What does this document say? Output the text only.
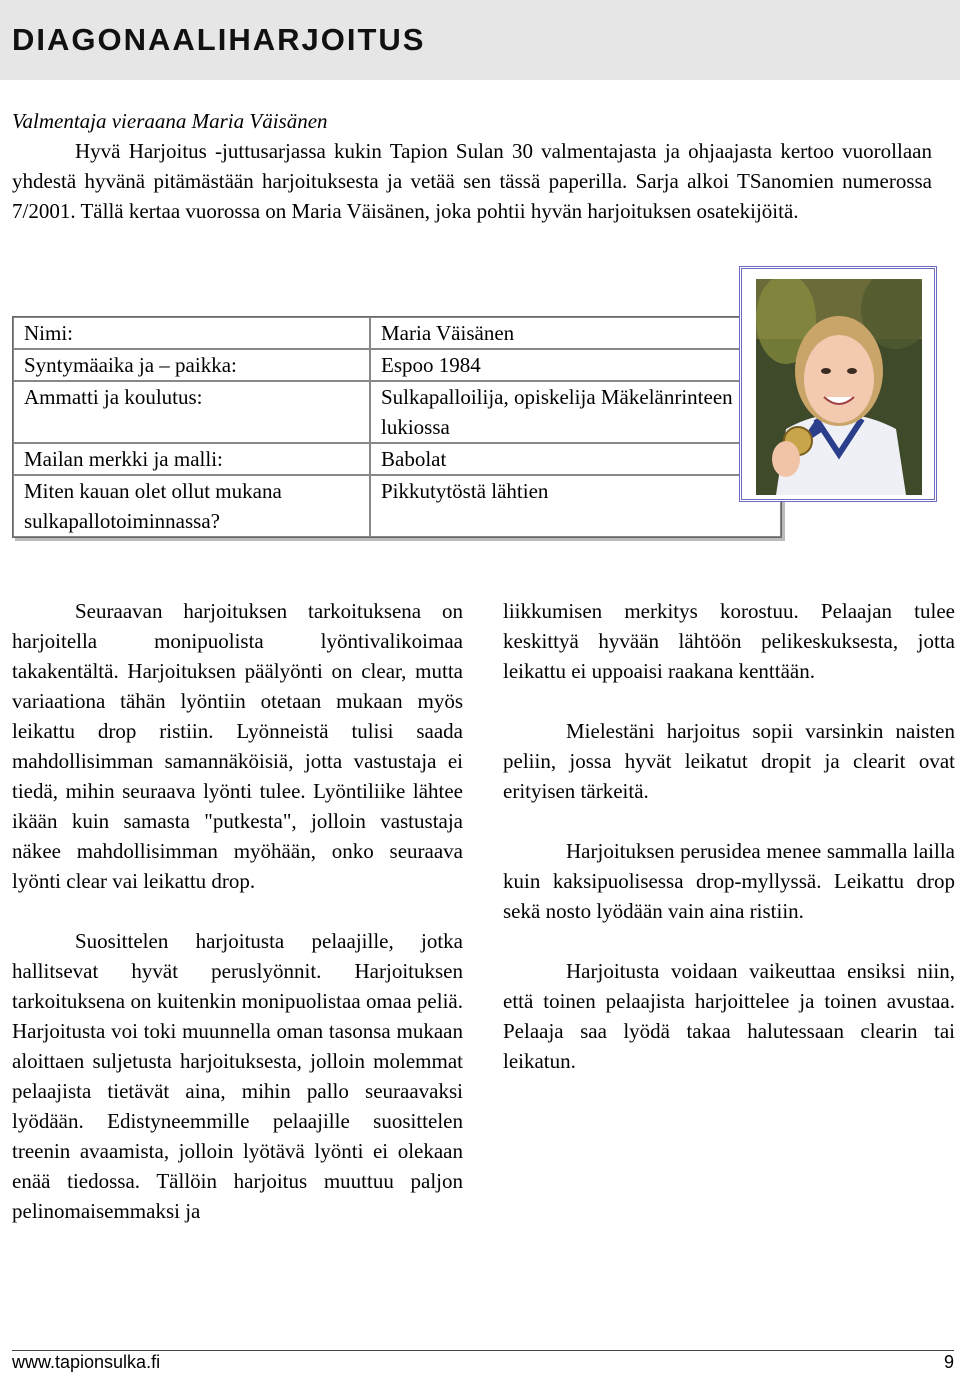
DIAGONAALIHARJOITUS
Valmentaja vieraana Maria Väisänen
Hyvä Harjoitus -juttusarjassa kukin Tapion Sulan 30 valmentajasta ja ohjaajasta kertoo vuorollaan yhdestä hyvänä pitämästään harjoituksesta ja vetää sen tässä paperilla. Sarja alkoi TSanomien numerossa 7/2001. Tällä kertaa vuorossa on Maria Väisänen, joka pohtii hyvän harjoituksen osatekijöitä.
Nimi:	Maria Väisänen
Syntymäaika ja – paikka:	Espoo 1984
Ammatti ja koulutus:	Sulkapalloilija, opiskelija Mäkelänrinteen lukiossa
Mailan merkki ja malli:	Babolat
Miten kauan olet ollut mukana sulkapallotoiminnassa?	Pikkutytöstä lähtien

Seuraavan harjoituksen tarkoituksena on harjoitella monipuolista lyöntivalikoimaa takakentältä. Harjoituksen päälyönti on clear, mutta variaationa tähän lyöntiin otetaan mukaan myös leikattu drop ristiin. Lyönneistä tulisi saada mahdollisimman samannäköisiä, jotta vastustaja ei tiedä, mihin seuraava lyönti tulee. Lyöntiliike lähtee ikään kuin samasta "putkesta", jolloin vastustaja näkee mahdollisimman myöhään, onko seuraava lyönti clear vai leikattu drop.

Suosittelen harjoitusta pelaajille, jotka hallitsevat hyvät peruslyönnit. Harjoituksen tarkoituksena on kuitenkin monipuolistaa omaa peliä. Harjoitusta voi toki muunnella oman tasonsa mukaan aloittaen suljetusta harjoituksesta, jolloin molemmat pelaajista tietävät aina, mihin pallo seuraavaksi lyödään. Edistyneemmille pelaajille suosittelen treenin avaamista, jolloin lyötävä lyönti ei olekaan enää tiedossa. Tällöin harjoitus muuttuu paljon pelinomaisemmaksi ja

liikkumisen merkitys korostuu. Pelaajan tulee keskittyä hyvään lähtöön pelikeskuksesta, jotta leikattu ei uppoaisi raakana kenttään.

Mielestäni harjoitus sopii varsinkin naisten peliin, jossa hyvät leikatut dropit ja clearit ovat erityisen tärkeitä.

Harjoituksen perusidea menee sammalla lailla kuin kaksipuolisessa drop-myllyssä. Leikattu drop sekä nosto lyödään vain aina ristiin.

Harjoitusta voidaan vaikeuttaa ensiksi niin, että toinen pelaajista harjoittelee ja toinen avustaa. Pelaaja saa lyödä takaa halutessaan clearin tai leikatun.

www.tapionsulka.fi	9
